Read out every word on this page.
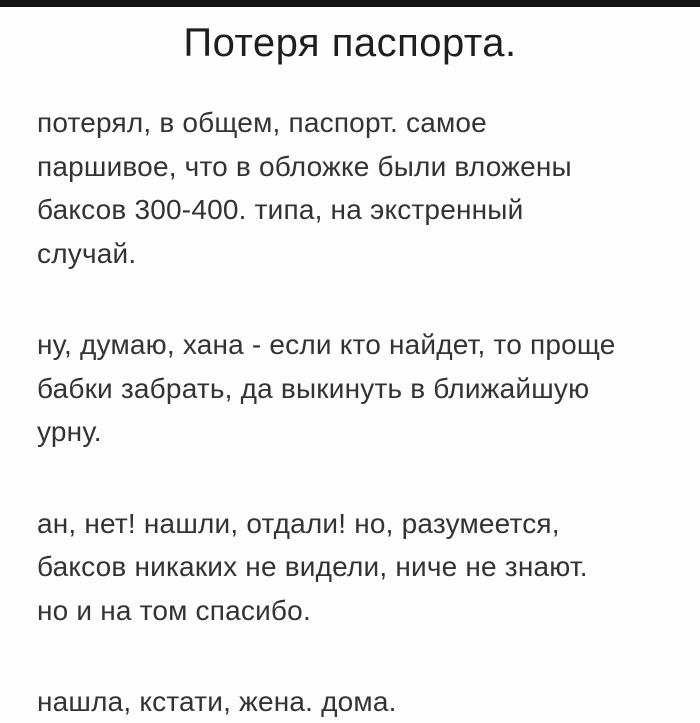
Потеря паспорта.
потерял, в общем, паспорт. самое
паршивое, что в обложке были вложены
баксов 300-400. типа, на экстренный
случай.
ну, думаю, хана - если кто найдет, то проще
бабки забрать, да выкинуть в ближайшую
урну.
ан, нет! нашли, отдали! но, разумеется,
баксов никаких не видели, ниче не знают.
но и на том спасибо.
нашла, кстати, жена. дома.
